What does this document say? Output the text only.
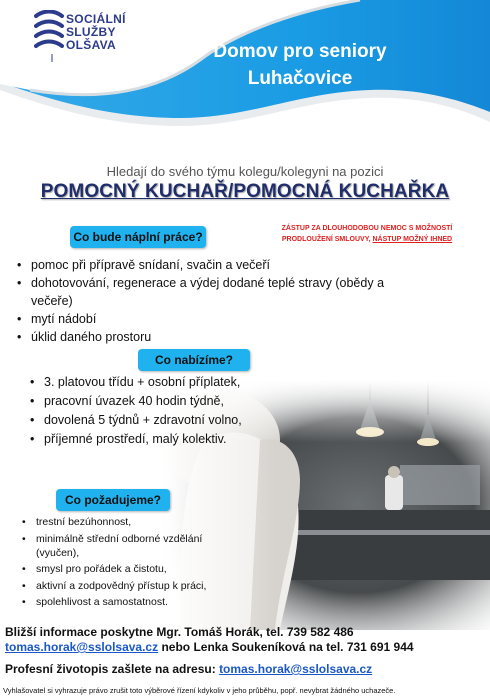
SOCIÁLNÍ
SLUŽBY
OLŠAVA	Domov pro seniory
Luhačovice
Hledají do svého týmu kolegu/kolegyni na pozici
POMOCNÝ KUCHAŘ/POMOCNÁ KUCHAŘKA
ZÁSTUP ZA DLOUHODOBOU NEMOC S MOŽNOSTÍ
PRODLOUŽENÍ SMLOUVY, NÁSTUP MOŽNÝ IHNED
Co bude náplní práce?
• pomoc při přípravě snídaní, svačin a večeří
• dohotovování, regenerace a výdej dodané teplé stravy (obědy a večeře)
• mytí nádobí
• úklid daného prostoru
Co nabízíme?
• 3. platovou třídu + osobní příplatek,
• pracovní úvazek 40 hodin týdně,
• dovolená 5 týdnů + zdravotní volno,
• příjemné prostředí, malý kolektiv.
Co požadujeme?
• trestní bezúhonnost,
• minimálně střední odborné vzdělání (vyučen),
• smysl pro pořádek a čistotu,
• aktivní a zodpovědný přístup k práci,
• spolehlivost a samostatnost.
Bližší informace poskytne Mgr. Tomáš Horák, tel. 739 582 486
tomas.horak@sslolsava.cz nebo Lenka Soukeníková na tel. 731 691 944
Profesní životopis zašlete na adresu: tomas.horak@sslolsava.cz
Vyhlašovatel si vyhrazuje právo zrušit toto výběrové řízení kdykoliv v jeho průběhu, popř. nevybrat žádného uchazeče.
